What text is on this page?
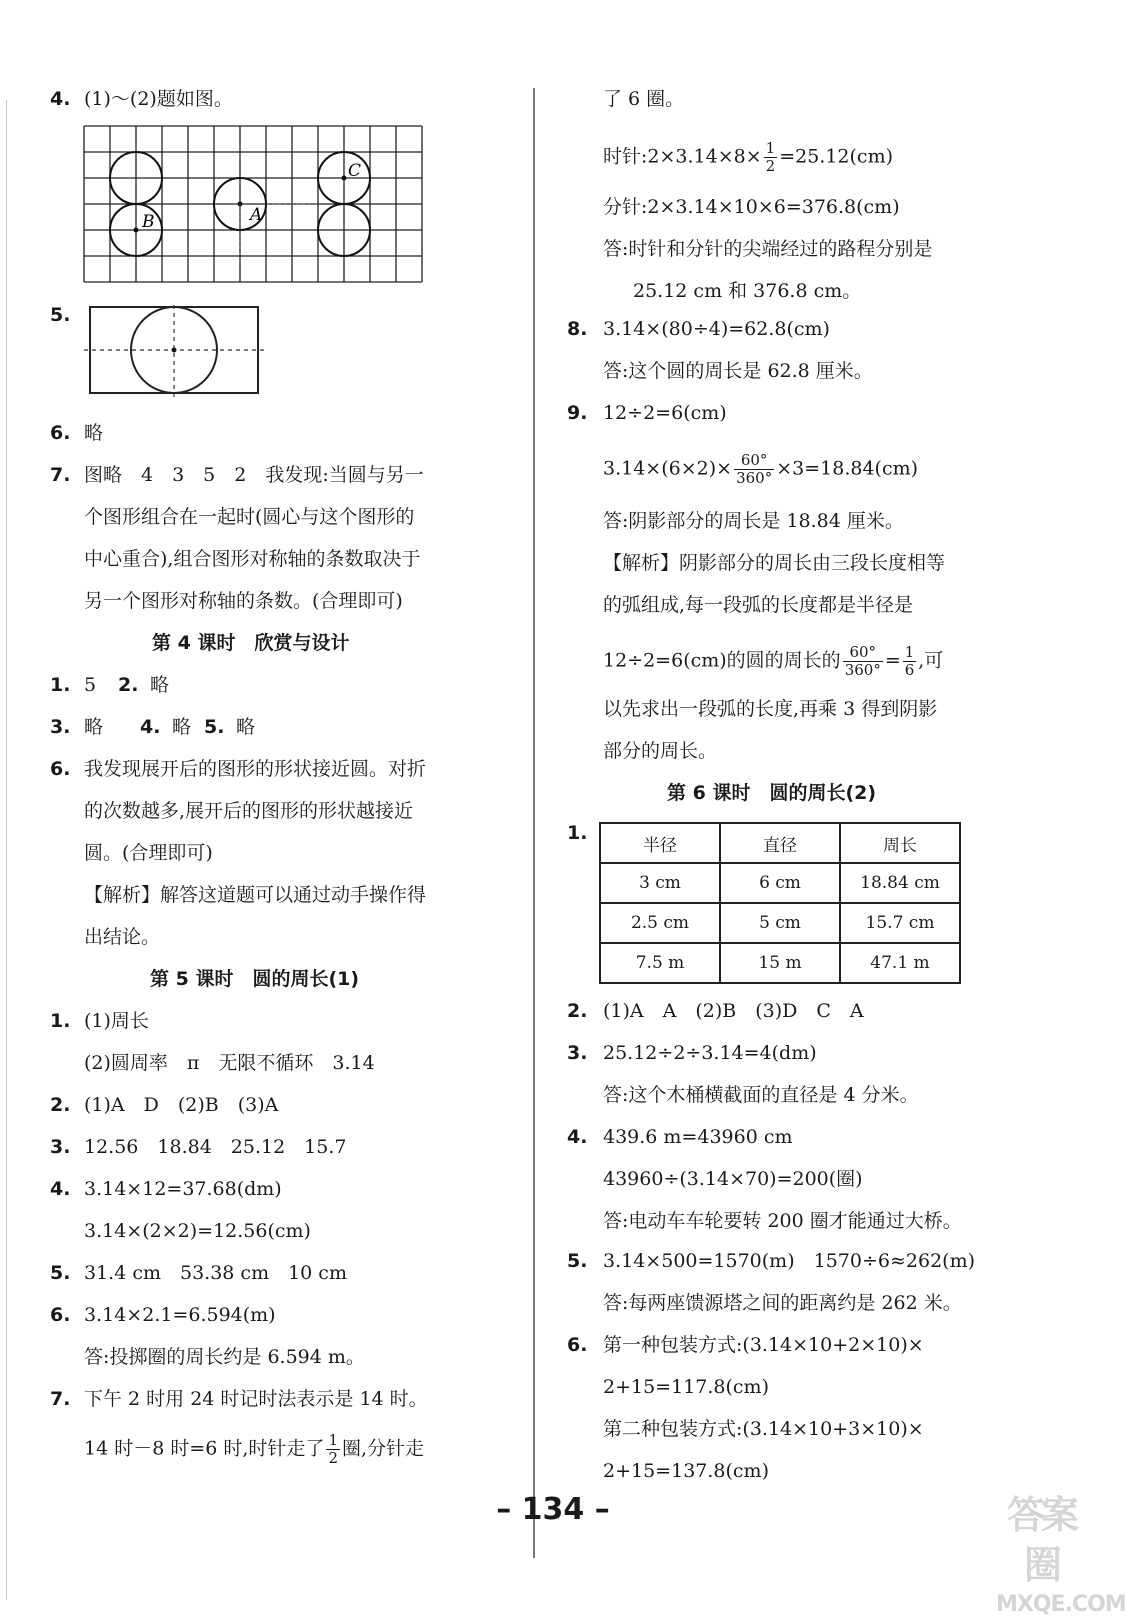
4. (1)～(2)题如图。
B	A
C
5.
6. 略
7. 图略　4　3　5　2　我发现:当圆与另一
个图形组合在一起时(圆心与这个图形的
中心重合),组合图形对称轴的条数取决于
另一个图形对称轴的条数。(合理即可)
第 4 课时　欣赏与设计
1. 5　 2. 略
3. 略　 4. 略　
5. 略
6. 我发现展开后的图形的形状接近圆。对折
的次数越多,展开后的图形的形状越接近
圆。(合理即可)
【解析】解答这道题可以通过动手操作得
出结论。
第 5 课时　圆的周长(1)
1. (1)周长
(2)圆周率　π　无限不循环　3.14
2. (1)A　D　(2)B　(3)A
3. 12.56　18.84　25.12　15.7
4. 3.14×12=37.68(dm)
3.14×(2×2)=12.56(cm)
5. 31.4 cm　53.38 cm　10 cm
6. 3.14×2.1=6.594(m)
答:投掷圈的周长约是 6.594 m。
7. 下午 2 时用 24 时记时法表示是 14 时。
14 时－8 时=6 时,时针走了 $\frac{1}{2}$ 圈,分针走
了 6 圈。
时针:2×3.14×8× $\frac{1}{2} =25.12(cm)$
分针:2×3.14×10×6=376.8(cm)
答:时针和分针的尖端经过的路程分别是
25.12 cm 和 376.8 cm。
8. 3.14×(80÷4)=62.8(cm)
答:这个圆的周长是 62.8 厘米。
9. 12÷2=6(cm)
$3.14\times(6\times 2)\times \frac{60^\circ}{360^\circ} \times 3=18.84(cm)$
答:阴影部分的周长是 18.84 厘米。
【解析】阴影部分的周长由三段长度相等
的弧组成,每一段弧的长度都是半径是
12÷2=6(cm)的圆的周长的 $\frac{60^\circ}{360^\circ} = \frac{1}{6}$ ,可
以先求出一段弧的长度,再乘 3 得到阴影
部分的周长。
第 6 课时　圆的周长(2)
1.
半径	直径	周长
3 cm	6 cm	18.84 cm
2.5 cm	5 cm	15.7 cm
7.5 m	15 m	47.1 m
2. (1)A　A　(2)B　(3)D　C　A
3. 25.12÷2÷3.14=4(dm)
答:这个木桶横截面的直径是 4 分米。
4. 439.6 m=43960 cm
43960÷(3.14×70)=200(圈)
答:电动车车轮要转 200 圈才能通过大桥。
5. 3.14×500=1570(m)　1570÷6≈262(m)
答:每两座馈源塔之间的距离约是 262 米。
6. 第一种包装方式:(3.14×10+2×10)×
2+15=117.8(cm)
第二种包装方式:(3.14×10+3×10)×
2+15=137.8(cm)
– 134 –	答案圈
MXQE.COM
